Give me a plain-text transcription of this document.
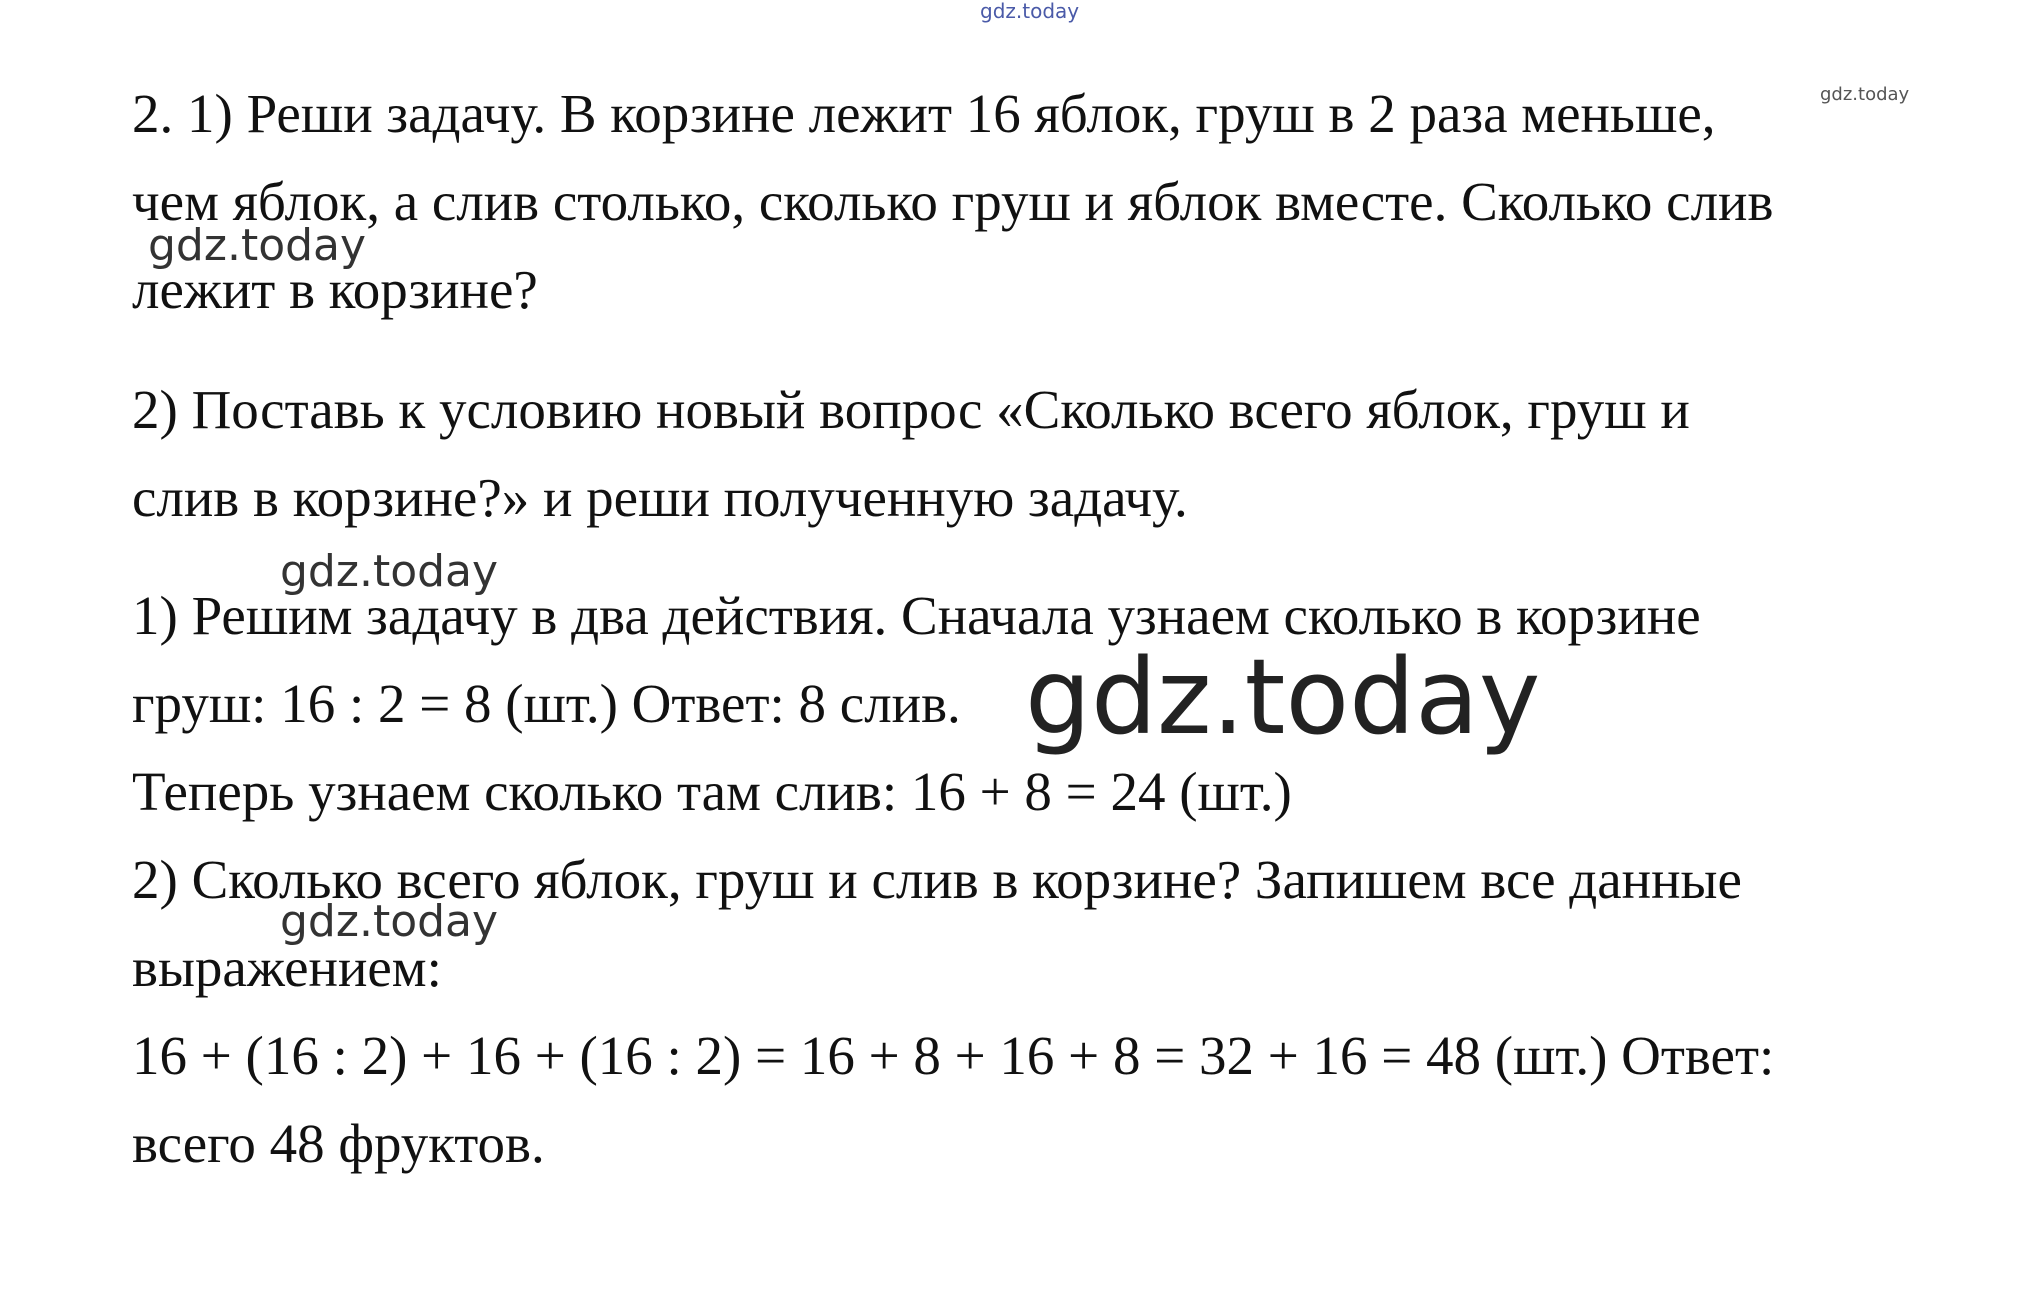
2. 1) Реши задачу. В корзине лежит 16 яблок, груш в 2 раза меньше,

чем яблок, а слив столько, сколько груш и яблок вместе. Сколько слив

лежит в корзине?

2) Поставь к условию новый вопрос «Сколько всего яблок, груш и

слив в корзине?» и реши полученную задачу.

1) Решим задачу в два действия. Сначала узнаем сколько в корзине

груш: 16 : 2 = 8 (шт.) Ответ: 8 слив.

Теперь узнаем сколько там слив: 16 + 8 = 24 (шт.)

2) Сколько всего яблок, груш и слив в корзине? Запишем все данные

выражением:

16 + (16 : 2) + 16 + (16 : 2) = 16 + 8 + 16 + 8 = 32 + 16 = 48 (шт.) Ответ:

всего 48 фруктов.

gdz.today
gdz.today
gdz.today
gdz.today
gdz.today
gdz.today
